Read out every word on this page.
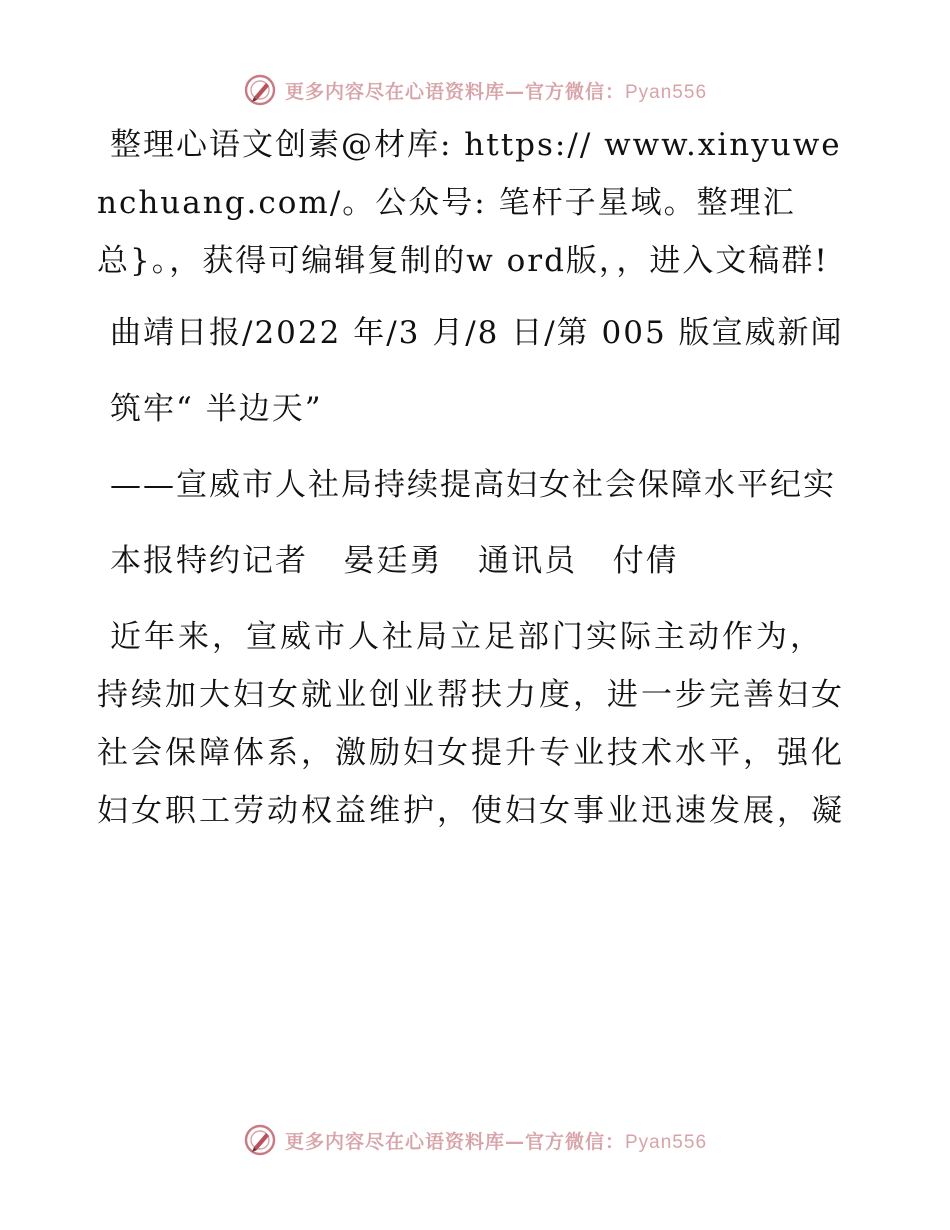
更多内容尽在心语资料库—官方微信：Pyan556

整理心语文创素@材库: https:// www.xinyuwenchuang.com/。公众号: 笔杆子星域。整理汇总}。，获得可编辑复制的w ord版，，进入文稿群!

曲靖日报/2022 年/3 月/8 日/第 005 版宣威新闻

筑牢“ 半边天”

——宣威市人社局持续提高妇女社会保障水平纪实

本报特约记者   晏廷勇   通讯员   付倩

近年来，宣威市人社局立足部门实际主动作为，持续加大妇女就业创业帮扶力度，进一步完善妇女社会保障体系，激励妇女提升专业技术水平，强化妇女职工劳动权益维护，使妇女事业迅速发展，凝

更多内容尽在心语资料库—官方微信：Pyan556
